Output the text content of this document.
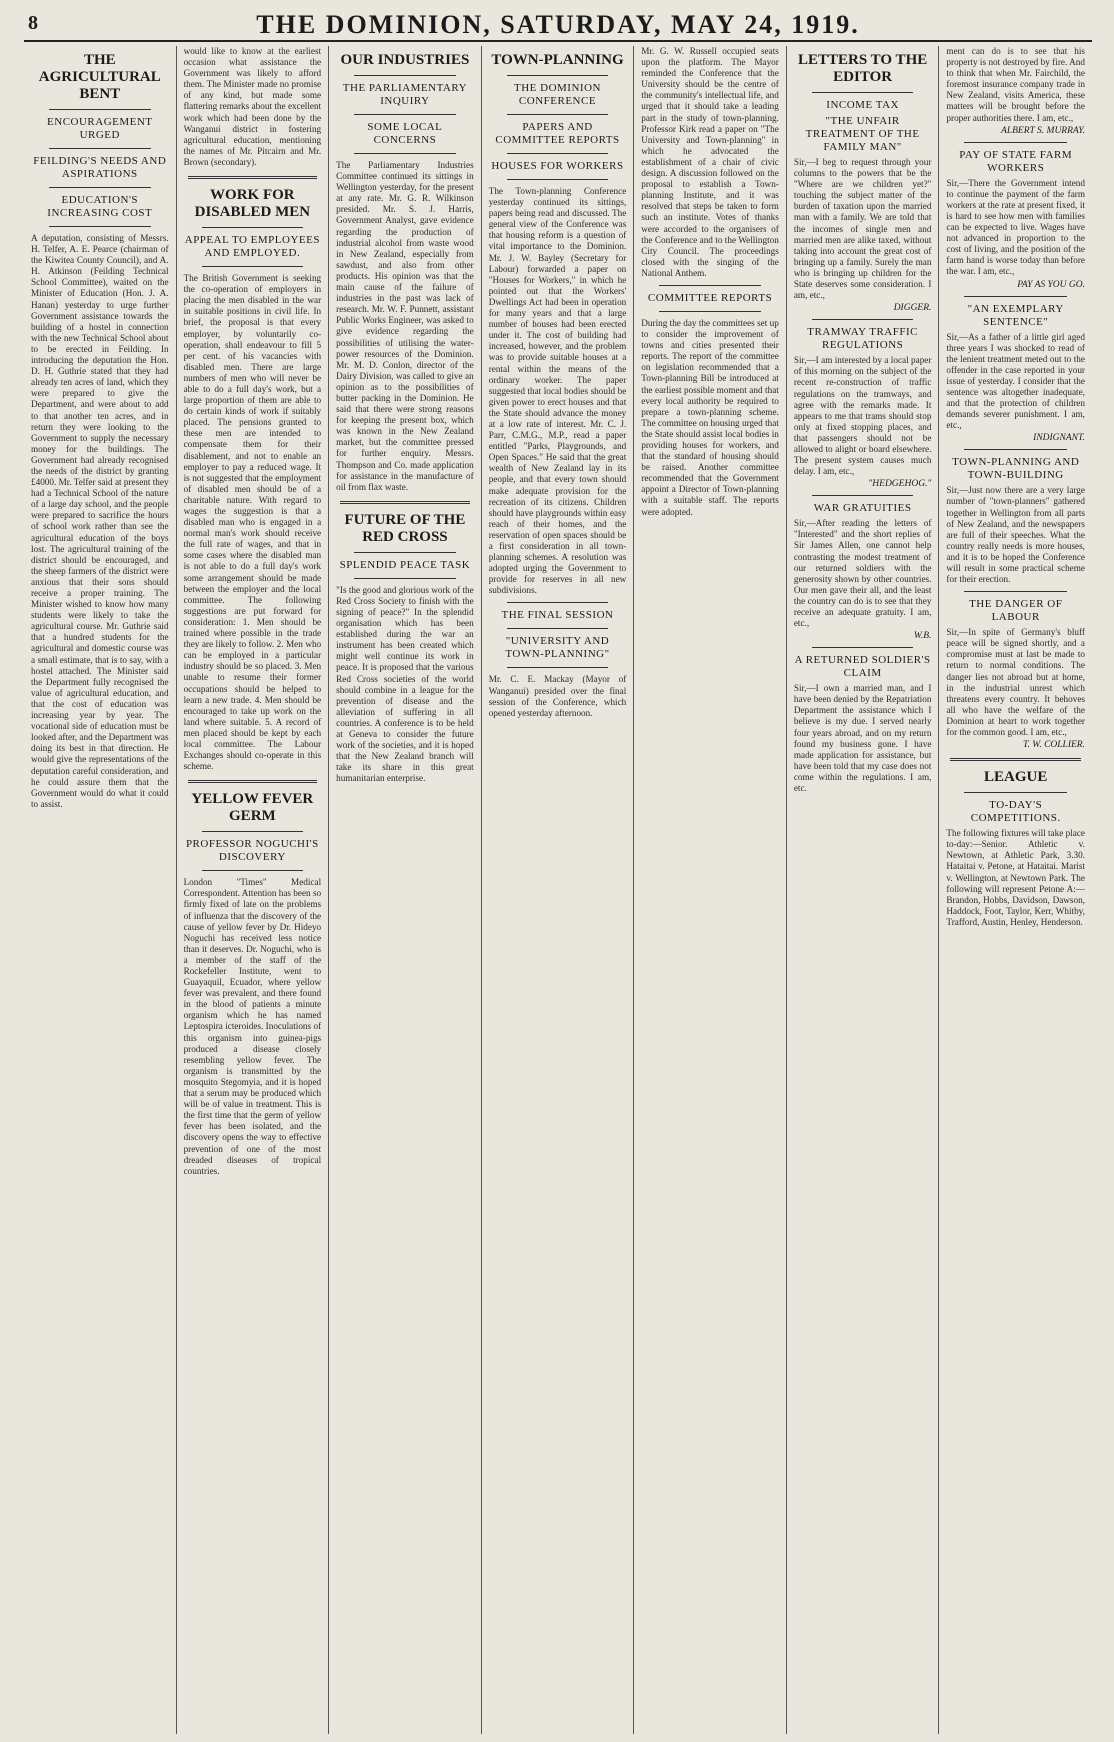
8	THE DOMINION, SATURDAY, MAY 24, 1919.
THE AGRICULTURAL BENT
ENCOURAGEMENT URGED
FEILDING'S NEEDS AND ASPIRATIONS
EDUCATION'S INCREASING COST

A deputation, consisting of Messrs. H. Telfer, A. E. Pearce (chairman of the Kiwitea County Council), and A. H. Atkinson (Feilding Technical School Committee), waited on the Minister of Education (Hon. J. A. Hanan) yesterday to urge further Government assistance towards the building of a hostel in connection with the new Technical School about to be erected in Feilding. In introducing the deputation the Hon. D. H. Guthrie stated that they had already ten acres of land, which they were prepared to give the Department, and were about to add to that another ten acres, and in return they were looking to the Government to supply the necessary money for the buildings. The Government had already recognised the needs of the district by granting £4000. Mr. Telfer said at present they had a Technical School of the nature of a large day school, and the people were prepared to sacrifice the hours of school work rather than see the agricultural education of the boys lost. The agricultural training of the district should be encouraged, and the sheep farmers of the district were anxious that their sons should receive a proper training. The Minister wished to know how many students were likely to take the agricultural course. Mr. Guthrie said that a hundred students for the agricultural and domestic course was a small estimate, that is to say, with a hostel attached. The Minister said the Department fully recognised the value of agricultural education, and that the cost of education was increasing year by year. The vocational side of education must be looked after, and the Department was doing its best in that direction. He would give the representations of the deputation careful consideration, and he could assure them that the Government would do what it could to assist.

would like to know at the earliest occasion what assistance the Government was likely to afford them. The Minister made no promise of any kind, but made some flattering remarks about the excellent work which had been done by the Wanganui district in fostering agricultural education, mentioning the names of Mr. Pitcairn and Mr. Brown (secondary).

WORK FOR DISABLED MEN
APPEAL TO EMPLOYEES AND EMPLOYED.

The British Government is seeking the co-operation of employers in placing the men disabled in the war in suitable positions in civil life. In brief, the proposal is that every employer, by voluntarily co-operation, shall endeavour to fill 5 per cent. of his vacancies with disabled men. There are large numbers of men who will never be able to do a full day's work, but a large proportion of them are able to do certain kinds of work if suitably placed. The pensions granted to these men are intended to compensate them for their disablement, and not to enable an employer to pay a reduced wage. It is not suggested that the employment of disabled men should be of a charitable nature. With regard to wages the suggestion is that a disabled man who is engaged in a normal man's work should receive the full rate of wages, and that in some cases where the disabled man is not able to do a full day's work some arrangement should be made between the employer and the local committee. The following suggestions are put forward for consideration: 1. Men should be trained where possible in the trade they are likely to follow. 2. Men who can be employed in a particular industry should be so placed. 3. Men unable to resume their former occupations should be helped to learn a new trade. 4. Men should be encouraged to take up work on the land where suitable. 5. A record of men placed should be kept by each local committee. The Labour Exchanges should co-operate in this scheme.

YELLOW FEVER GERM
PROFESSOR NOGUCHI'S DISCOVERY

London "Times" Medical Correspondent. Attention has been so firmly fixed of late on the problems of influenza that the discovery of the cause of yellow fever by Dr. Hideyo Noguchi has received less notice than it deserves. Dr. Noguchi, who is a member of the staff of the Rockefeller Institute, went to Guayaquil, Ecuador, where yellow fever was prevalent, and there found in the blood of patients a minute organism which he has named Leptospira icteroides. Inoculations of this organism into guinea-pigs produced a disease closely resembling yellow fever. The organism is transmitted by the mosquito Stegomyia, and it is hoped that a serum may be produced which will be of value in treatment. This is the first time that the germ of yellow fever has been isolated, and the discovery opens the way to effective prevention of one of the most dreaded diseases of tropical countries.

OUR INDUSTRIES
THE PARLIAMENTARY INQUIRY
SOME LOCAL CONCERNS

The Parliamentary Industries Committee continued its sittings in Wellington yesterday, for the present at any rate. Mr. G. R. Wilkinson presided. Mr. S. J. Harris, Government Analyst, gave evidence regarding the production of industrial alcohol from waste wood in New Zealand, especially from sawdust, and also from other products. His opinion was that the main cause of the failure of industries in the past was lack of research. Mr. W. F. Punnett, assistant Public Works Engineer, was asked to give evidence regarding the possibilities of utilising the water-power resources of the Dominion. Mr. M. D. Conlon, director of the Dairy Division, was called to give an opinion as to the possibilities of butter packing in the Dominion. He said that there were strong reasons for keeping the present box, which was known in the New Zealand market, but the committee pressed for further enquiry. Messrs. Thompson and Co. made application for assistance in the manufacture of oil from flax waste.

FUTURE OF THE RED CROSS
SPLENDID PEACE TASK

"Is the good and glorious work of the Red Cross Society to finish with the signing of peace?" In the splendid organisation which has been established during the war an instrument has been created which might well continue its work in peace. It is proposed that the various Red Cross societies of the world should combine in a league for the prevention of disease and the alleviation of suffering in all countries. A conference is to be held at Geneva to consider the future work of the societies, and it is hoped that the New Zealand branch will take its share in this great humanitarian enterprise.

TOWN-PLANNING
THE DOMINION CONFERENCE
PAPERS AND COMMITTEE REPORTS
HOUSES FOR WORKERS

The Town-planning Conference yesterday continued its sittings, papers being read and discussed. The general view of the Conference was that housing reform is a question of vital importance to the Dominion. Mr. J. W. Bayley (Secretary for Labour) forwarded a paper on "Houses for Workers," in which he pointed out that the Workers' Dwellings Act had been in operation for many years and that a large number of houses had been erected under it. The cost of building had increased, however, and the problem was to provide suitable houses at a rental within the means of the ordinary worker. The paper suggested that local bodies should be given power to erect houses and that the State should advance the money at a low rate of interest. Mr. C. J. Parr, C.M.G., M.P., read a paper entitled "Parks, Playgrounds, and Open Spaces." He said that the great wealth of New Zealand lay in its people, and that every town should make adequate provision for the recreation of its citizens. Children should have playgrounds within easy reach of their homes, and the reservation of open spaces should be a first consideration in all town-planning schemes. A resolution was adopted urging the Government to provide for reserves in all new subdivisions.

THE FINAL SESSION
"UNIVERSITY AND TOWN-PLANNING"

Mr. C. E. Mackay (Mayor of Wanganui) presided over the final session of the Conference, which opened yesterday afternoon.

Mr. G. W. Russell occupied seats upon the platform. The Mayor reminded the Conference that the University should be the centre of the community's intellectual life, and urged that it should take a leading part in the study of town-planning. Professor Kirk read a paper on "The University and Town-planning" in which he advocated the establishment of a chair of civic design. A discussion followed on the proposal to establish a Town-planning Institute, and it was resolved that steps be taken to form such an institute. Votes of thanks were accorded to the organisers of the Conference and to the Wellington City Council. The proceedings closed with the singing of the National Anthem.

COMMITTEE REPORTS

During the day the committees set up to consider the improvement of towns and cities presented their reports. The report of the committee on legislation recommended that a Town-planning Bill be introduced at the earliest possible moment and that every local authority be required to prepare a town-planning scheme. The committee on housing urged that the State should assist local bodies in providing houses for workers, and that the standard of housing should be raised. Another committee recommended that the Government appoint a Director of Town-planning with a suitable staff. The reports were adopted.

LETTERS TO THE EDITOR
INCOME TAX
"THE UNFAIR TREATMENT OF THE FAMILY MAN"

Sir,—I beg to request through your columns to the powers that be the "Where are we children yet?" touching the subject matter of the burden of taxation upon the married man with a family. We are told that the incomes of single men and married men are alike taxed, without taking into account the great cost of bringing up a family. Surely the man who is bringing up children for the State deserves some consideration. I am, etc.,

DIGGER.
TRAMWAY TRAFFIC REGULATIONS

Sir,—I am interested by a local paper of this morning on the subject of the recent re-construction of traffic regulations on the tramways, and agree with the remarks made. It appears to me that trams should stop only at fixed stopping places, and that passengers should not be allowed to alight or board elsewhere. The present system causes much delay. I am, etc.,

"HEDGEHOG."
WAR GRATUITIES

Sir,—After reading the letters of "Interested" and the short replies of Sir James Allen, one cannot help contrasting the modest treatment of our returned soldiers with the generosity shown by other countries. Our men gave their all, and the least the country can do is to see that they receive an adequate gratuity. I am, etc.,

W.B.
A RETURNED SOLDIER'S CLAIM

Sir,—I own a married man, and I have been denied by the Repatriation Department the assistance which I believe is my due. I served nearly four years abroad, and on my return found my business gone. I have made application for assistance, but have been told that my case does not come within the regulations. I am, etc.

ment can do is to see that his property is not destroyed by fire. And to think that when Mr. Fairchild, the foremost insurance company trade in New Zealand, visits America, these matters will be brought before the proper authorities there. I am, etc.,

ALBERT S. MURRAY.
PAY OF STATE FARM WORKERS

Sir,—There the Government intend to continue the payment of the farm workers at the rate at present fixed, it is hard to see how men with families can be expected to live. Wages have not advanced in proportion to the cost of living, and the position of the farm hand is worse today than before the war. I am, etc.,

PAY AS YOU GO.
"AN EXEMPLARY SENTENCE"

Sir,—As a father of a little girl aged three years I was shocked to read of the lenient treatment meted out to the offender in the case reported in your issue of yesterday. I consider that the sentence was altogether inadequate, and that the protection of children demands severer punishment. I am, etc.,

INDIGNANT.
TOWN-PLANNING AND TOWN-BUILDING

Sir,—Just now there are a very large number of "town-planners" gathered together in Wellington from all parts of New Zealand, and the newspapers are full of their speeches. What the country really needs is more houses, and it is to be hoped the Conference will result in some practical scheme for their erection.

THE DANGER OF LABOUR

Sir,—In spite of Germany's bluff peace will be signed shortly, and a compromise must at last be made to return to normal conditions. The danger lies not abroad but at home, in the industrial unrest which threatens every country. It behoves all who have the welfare of the Dominion at heart to work together for the common good. I am, etc.,

T. W. COLLIER.
LEAGUE
TO-DAY'S COMPETITIONS.

The following fixtures will take place to-day:—Senior. Athletic v. Newtown, at Athletic Park, 3.30. Hataitai v. Petone, at Hataitai. Marist v. Wellington, at Newtown Park. The following will represent Petone A:—Brandon, Hobbs, Davidson, Dawson, Haddock, Foot, Taylor, Kerr, Whitby, Trafford, Austin, Henley, Henderson.
